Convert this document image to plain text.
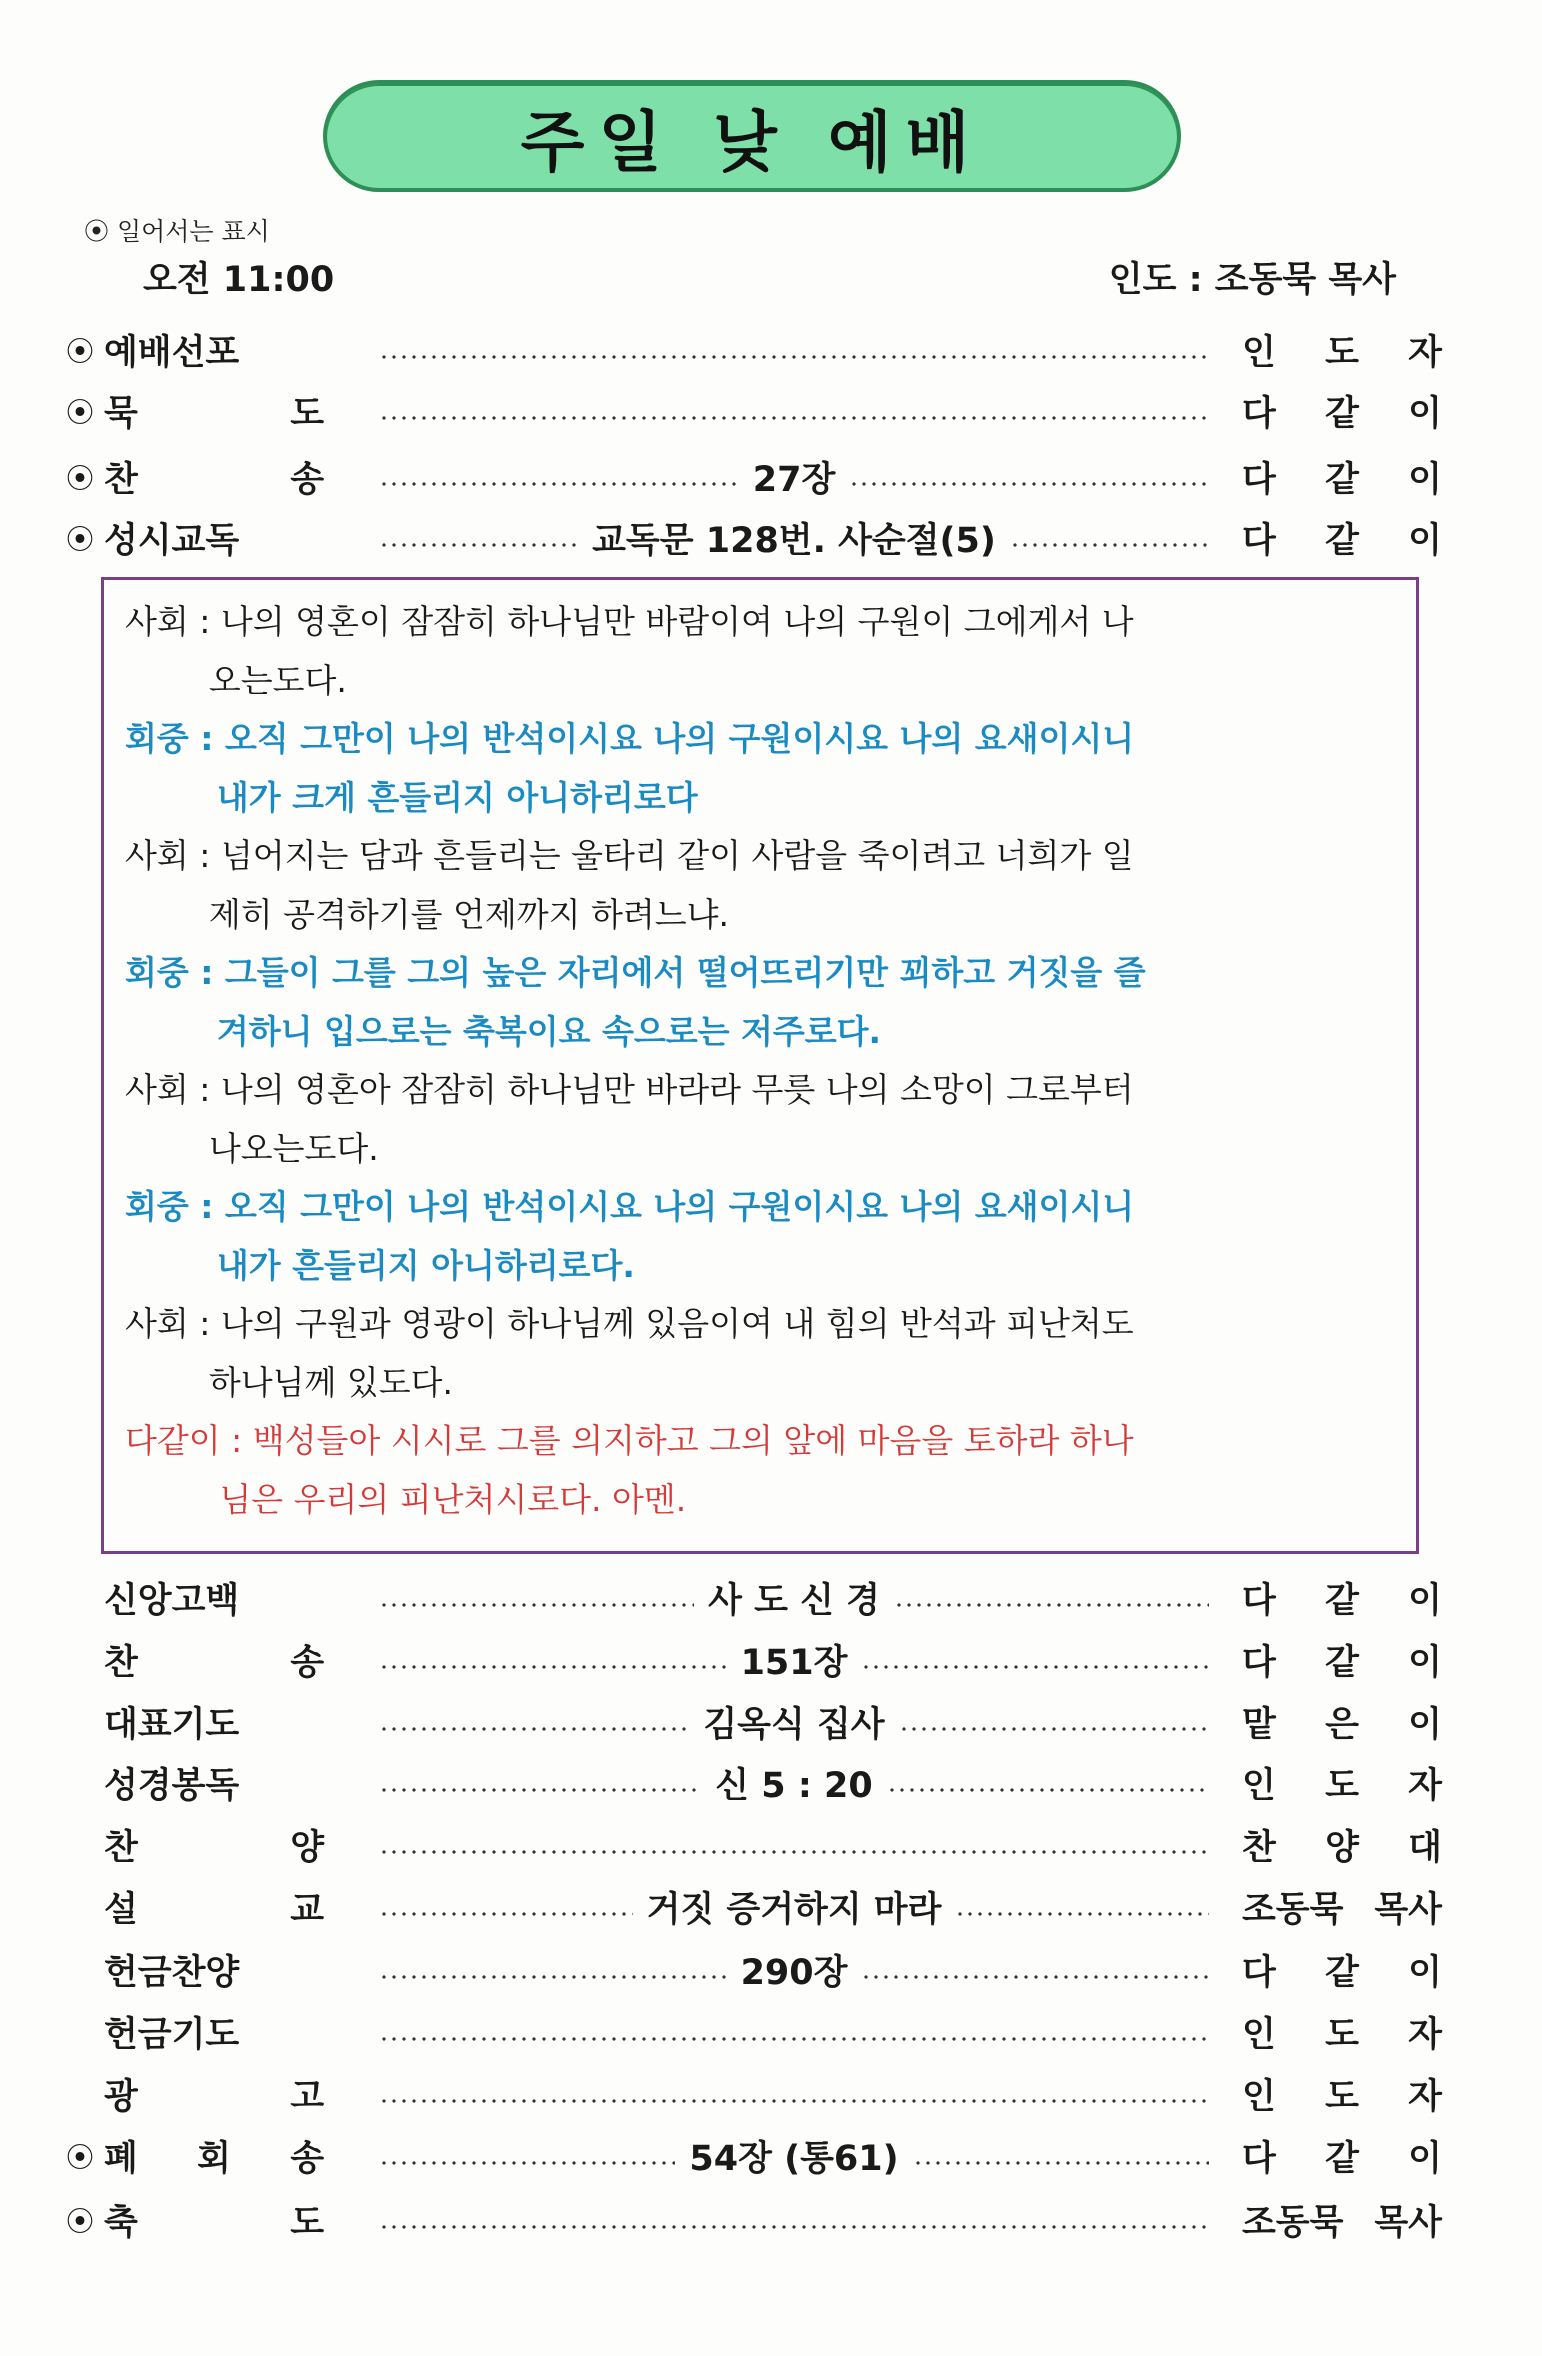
주일 낮 예배
⦿ 일어서는 표시
오전 11:00	인도 : 조동묵 목사
⦿ 예배선포	인 도 자
⦿ 묵	도	다 같 이
⦿ 찬	송	27장	다 같 이
⦿ 성시교독	교독문 128번. 사순절(5)	다 같 이
사회 : 나의 영혼이 잠잠히 하나님만 바람이여 나의 구원이 그에게서 나
오는도다.
회중 : 오직 그만이 나의 반석이시요 나의 구원이시요 나의 요새이시니
내가 크게 흔들리지 아니하리로다
사회 : 넘어지는 담과 흔들리는 울타리 같이 사람을 죽이려고 너희가 일
제히 공격하기를 언제까지 하려느냐.
회중 : 그들이 그를 그의 높은 자리에서 떨어뜨리기만 꾀하고 거짓을 즐
겨하니 입으로는 축복이요 속으로는 저주로다.
사회 : 나의 영혼아 잠잠히 하나님만 바라라 무릇 나의 소망이 그로부터
나오는도다.
회중 : 오직 그만이 나의 반석이시요 나의 구원이시요 나의 요새이시니
내가 흔들리지 아니하리로다.
사회 : 나의 구원과 영광이 하나님께 있음이여 내 힘의 반석과 피난처도
하나님께 있도다.
다같이 : 백성들아 시시로 그를 의지하고 그의 앞에 마음을 토하라 하나
님은 우리의 피난처시로다. 아멘.
신앙고백	사 도 신 경	다 같 이
찬	송	151장	다 같 이
대표기도	김옥식 집사	맡 은 이
성경봉독	신 5 : 20	인 도 자
찬	양	찬 양 대
설	교	거짓 증거하지 마라	조동묵 목사
헌금찬양	290장	다 같 이
헌금기도	인 도 자
광	고	인 도 자
⦿ 폐 회 송	54장 (통61)	다 같 이
⦿ 축	도	조동묵 목사
